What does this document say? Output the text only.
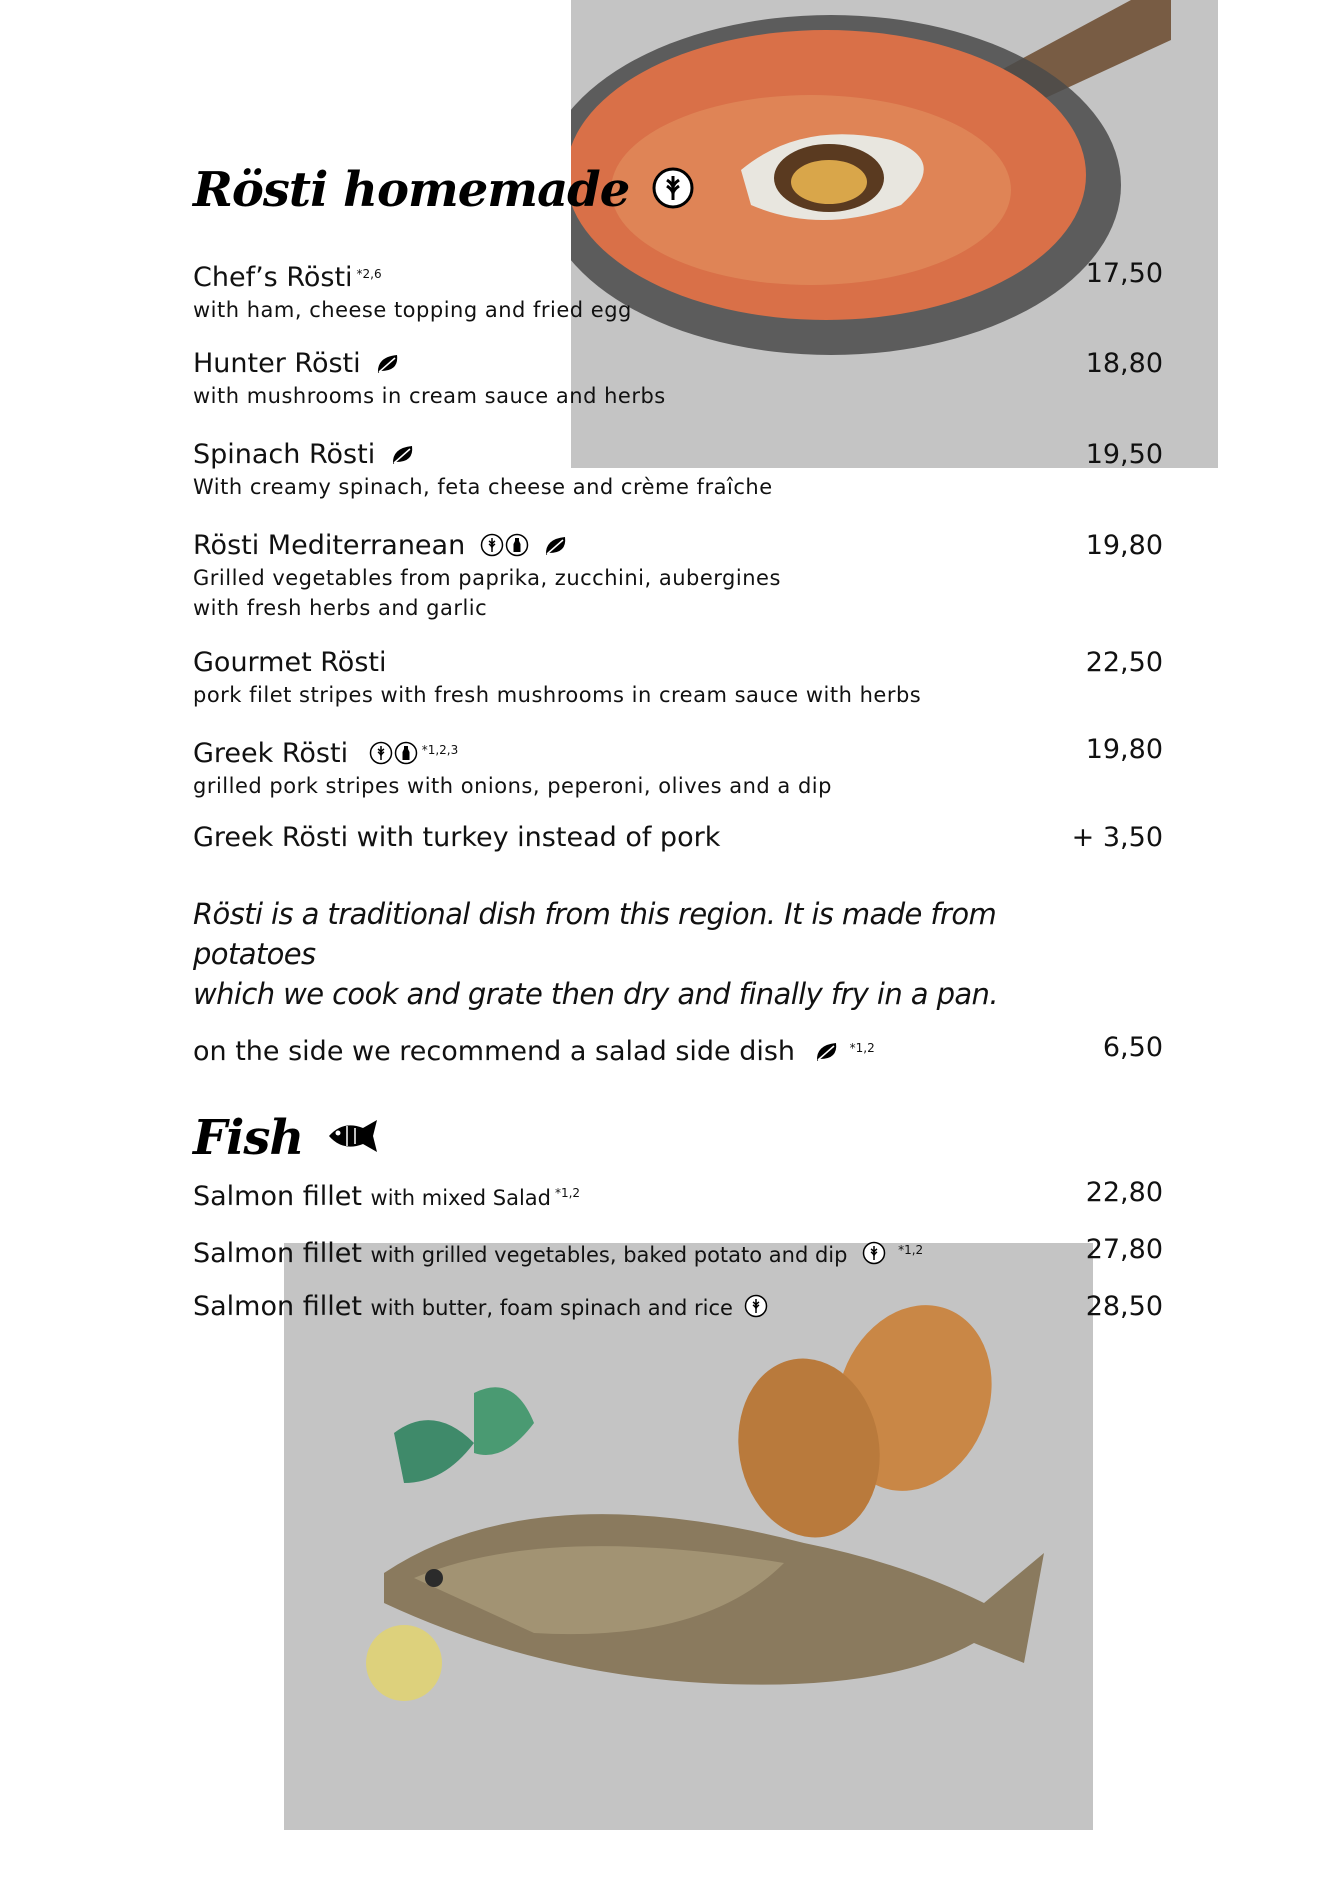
Rösti homemade
Chef’s Rösti $^{*2,6}$
with ham, cheese topping and fried egg
17,50
Hunter Rösti
with mushrooms in cream sauce and herbs
18,80
Spinach Rösti
With creamy spinach, feta cheese and crème fraîche
19,50
Rösti Mediterranean
Grilled vegetables from paprika, zucchini, aubergines
with fresh herbs and garlic
19,80
Gourmet Rösti
pork filet stripes with fresh mushrooms in cream sauce with herbs
22,50
Greek Rösti	$^{*1,2,3}$
grilled pork stripes with onions, peperoni, olives and a dip
19,80
Greek Rösti with turkey instead of pork	+ 3,50
Rösti is a traditional dish from this region. It is made from potatoes
which we cook and grate then dry and finally fry in a pan.
on the side we recommend a salad side dish	$^{*1,2}$	6,50
Fish
Salmon fillet with mixed Salad $^{*1,2}$	22,80
Salmon fillet with grilled vegetables, baked potato and dip	$^{*1,2}$	27,80
Salmon fillet with butter, foam spinach and rice	28,50
